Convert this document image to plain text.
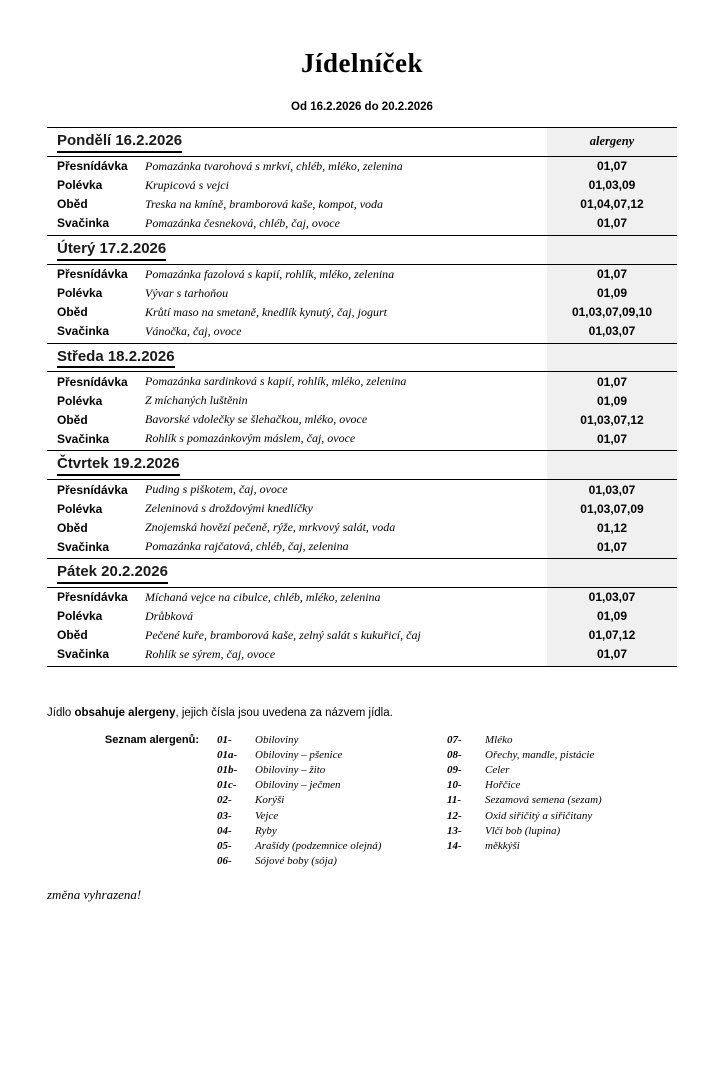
Jídelníček
Od 16.2.2026 do 20.2.2026
Pondělí 16.2.2026		alergeny
Přesnídávka	Pomazánka tvarohová s mrkví, chléb, mléko, zelenina	01,07
Polévka	Krupicová s vejci	01,03,09
Oběd	Treska na kmíně, bramborová kaše, kompot, voda	01,04,07,12
Svačinka	Pomazánka česneková, chléb, čaj, ovoce	01,07
Úterý 17.2.2026		
Přesnídávka	Pomazánka fazolová s kapií, rohlík, mléko, zelenina	01,07
Polévka	Vývar s tarhoňou	01,09
Oběd	Krůtí maso na smetaně, knedlík kynutý, čaj, jogurt	01,03,07,09,10
Svačinka	Vánočka, čaj, ovoce	01,03,07
Středa 18.2.2026		
Přesnídávka	Pomazánka sardinková s kapií, rohlík, mléko, zelenina	01,07
Polévka	Z míchaných luštěnin	01,09
Oběd	Bavorské vdolečky se šlehačkou, mléko, ovoce	01,03,07,12
Svačinka	Rohlík s pomazánkovým máslem, čaj, ovoce	01,07
Čtvrtek 19.2.2026		
Přesnídávka	Puding s piškotem, čaj, ovoce	01,03,07
Polévka	Zeleninová s droždovými knedlíčky	01,03,07,09
Oběd	Znojemská hovězí pečeně, rýže, mrkvový salát, voda	01,12
Svačinka	Pomazánka rajčatová, chléb, čaj, zelenina	01,07
Pátek 20.2.2026		
Přesnídávka	Míchaná vejce na cibulce, chléb, mléko, zelenina	01,03,07
Polévka	Drůbková	01,09
Oběd	Pečené kuře, bramborová kaše, zelný salát s kukuřicí, čaj	01,07,12
Svačinka	Rohlík se sýrem, čaj, ovoce	01,07

Jídlo obsahuje alergeny, jejich čísla jsou uvedena za názvem jídla.
Seznam alergenů:	01-	Obiloviny
01a-	Obiloviny – pšenice
01b-	Obiloviny – žito
01c-	Obiloviny – ječmen
02-	Korýši
03-	Vejce
04-	Ryby
05-	Arašídy (podzemnice olejná)
06-	Sójové boby (sója)
07-	Mléko
08-	Ořechy, mandle, pistácie
09-	Celer
10-	Hořčice
11-	Sezamová semena (sezam)
12-	Oxid siřičitý a siřičitany
13-	Vlčí bob (lupina)
14-	měkkýši
změna vyhrazena!
